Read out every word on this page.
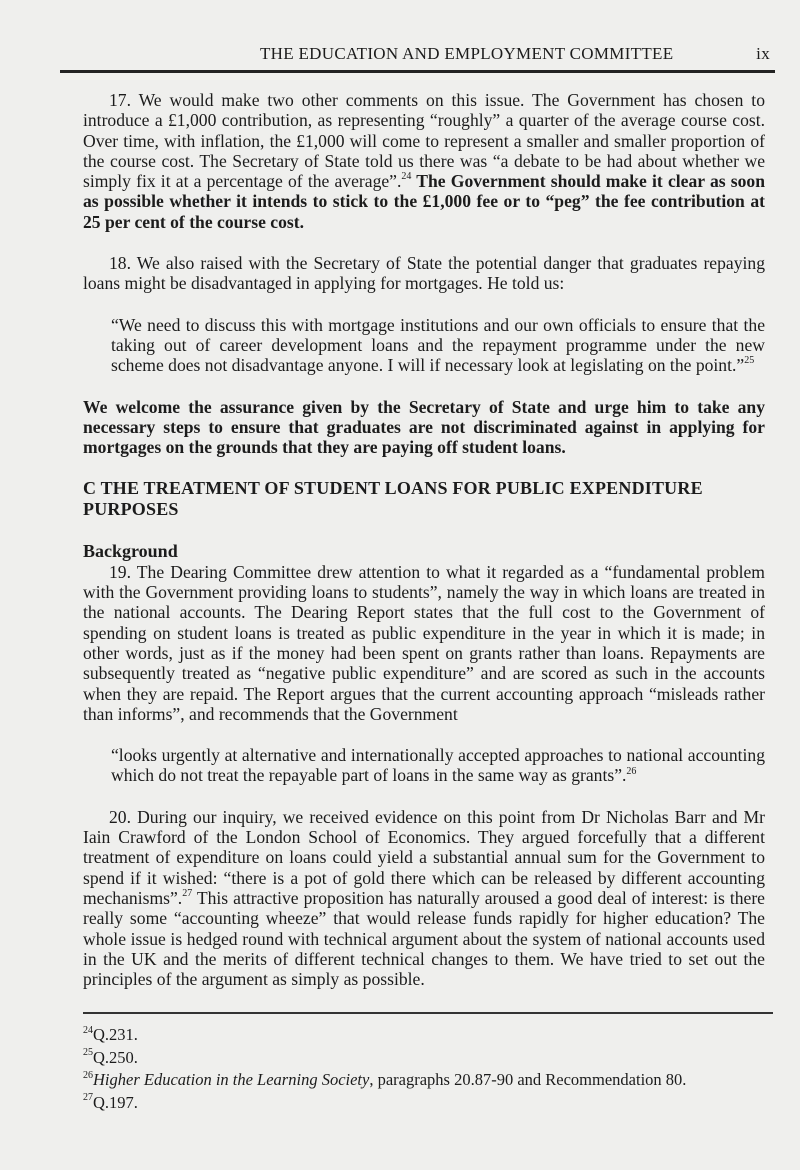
THE EDUCATION AND EMPLOYMENT COMMITTEE	ix

17. We would make two other comments on this issue. The Government has chosen to introduce a £1,000 contribution, as representing “roughly” a quarter of the average course cost. Over time, with inflation, the £1,000 will come to represent a smaller and smaller proportion of the course cost. The Secretary of State told us there was “a debate to be had about whether we simply fix it at a percentage of the average”.$^{24}$ The Government should make it clear as soon as possible whether it intends to stick to the £1,000 fee or to “peg” the fee contribution at 25 per cent of the course cost.

18. We also raised with the Secretary of State the potential danger that graduates repaying loans might be disadvantaged in applying for mortgages. He told us:

“We need to discuss this with mortgage institutions and our own officials to ensure that the taking out of career development loans and the repayment programme under the new scheme does not disadvantage anyone. I will if necessary look at legislating on the point.”$^{25}$

We welcome the assurance given by the Secretary of State and urge him to take any necessary steps to ensure that graduates are not discriminated against in applying for mortgages on the grounds that they are paying off student loans.

C THE TREATMENT OF STUDENT LOANS FOR PUBLIC EXPENDITURE PURPOSES

Background

19. The Dearing Committee drew attention to what it regarded as a “fundamental problem with the Government providing loans to students”, namely the way in which loans are treated in the national accounts. The Dearing Report states that the full cost to the Government of spending on student loans is treated as public expenditure in the year in which it is made; in other words, just as if the money had been spent on grants rather than loans. Repayments are subsequently treated as “negative public expenditure” and are scored as such in the accounts when they are repaid. The Report argues that the current accounting approach “misleads rather than informs”, and recommends that the Government

“looks urgently at alternative and internationally accepted approaches to national accounting which do not treat the repayable part of loans in the same way as grants”.$^{26}$

20. During our inquiry, we received evidence on this point from Dr Nicholas Barr and Mr Iain Crawford of the London School of Economics. They argued forcefully that a different treatment of expenditure on loans could yield a substantial annual sum for the Government to spend if it wished: “there is a pot of gold there which can be released by different accounting mechanisms”.$^{27}$ This attractive proposition has naturally aroused a good deal of interest: is there really some “accounting wheeze” that would release funds rapidly for higher education? The whole issue is hedged round with technical argument about the system of national accounts used in the UK and the merits of different technical changes to them. We have tried to set out the principles of the argument as simply as possible.

$^{24}$Q.231.
$^{25}$Q.250.
$^{26}$Higher Education in the Learning Society, paragraphs 20.87-90 and Recommendation 80.
$^{27}$Q.197.
